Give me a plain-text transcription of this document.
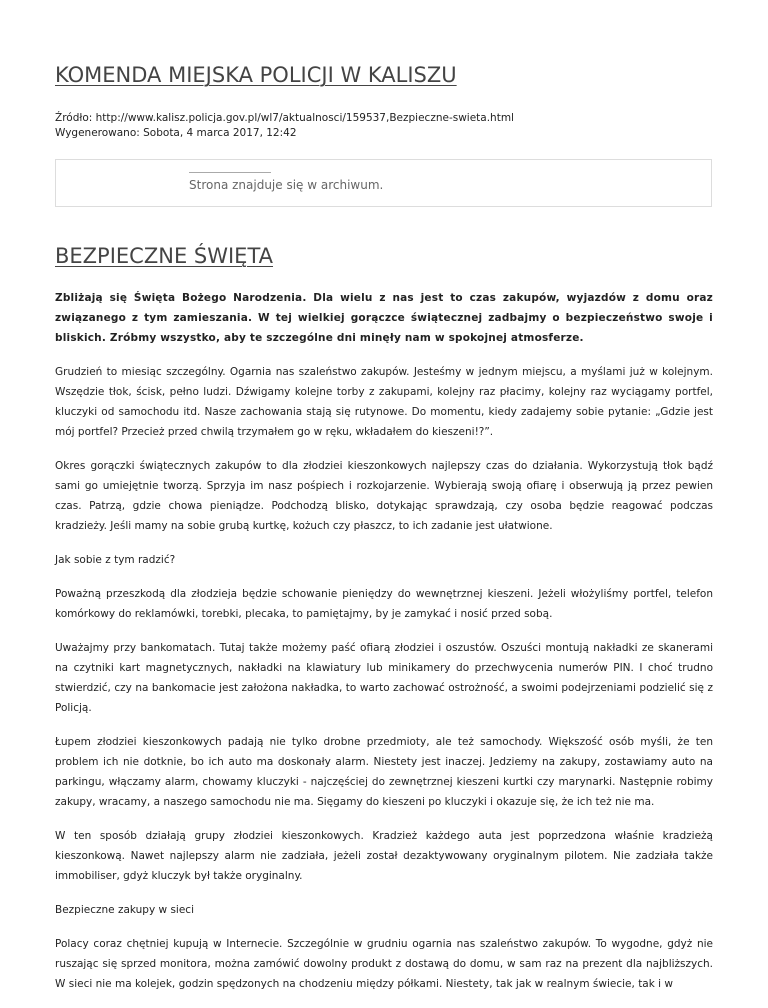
KOMENDA MIEJSKA POLICJI W KALISZU
Źródło: http://www.kalisz.policja.gov.pl/wl7/aktualnosci/159537,Bezpieczne-swieta.html
Wygenerowano: Sobota, 4 marca 2017, 12:42
Strona znajduje się w archiwum.
BEZPIECZNE ŚWIĘTA

Zbliżają się Święta Bożego Narodzenia. Dla wielu z nas jest to czas zakupów, wyjazdów z domu oraz związanego z tym zamieszania. W tej wielkiej gorączce świątecznej zadbajmy o bezpieczeństwo swoje i bliskich. Zróbmy wszystko, aby te szczególne dni minęły nam w spokojnej atmosferze.

Grudzień to miesiąc szczególny. Ogarnia nas szaleństwo zakupów. Jesteśmy w jednym miejscu, a myślami już w kolejnym. Wszędzie tłok, ścisk, pełno ludzi. Dźwigamy kolejne torby z zakupami, kolejny raz płacimy, kolejny raz wyciągamy portfel, kluczyki od samochodu itd. Nasze zachowania stają się rutynowe. Do momentu, kiedy zadajemy sobie pytanie: „Gdzie jest mój portfel? Przecież przed chwilą trzymałem go w ręku, wkładałem do kieszeni!?”.

Okres gorączki świątecznych zakupów to dla złodziei kieszonkowych najlepszy czas do działania. Wykorzystują tłok bądź sami go umiejętnie tworzą. Sprzyja im nasz pośpiech i rozkojarzenie. Wybierają swoją ofiarę i obserwują ją przez pewien czas. Patrzą, gdzie chowa pieniądze. Podchodzą blisko, dotykając sprawdzają, czy osoba będzie reagować podczas kradzieży. Jeśli mamy na sobie grubą kurtkę, kożuch czy płaszcz, to ich zadanie jest ułatwione.

Jak sobie z tym radzić?

Poważną przeszkodą dla złodzieja będzie schowanie pieniędzy do wewnętrznej kieszeni. Jeżeli włożyliśmy portfel, telefon komórkowy do reklamówki, torebki, plecaka, to pamiętajmy, by je zamykać i nosić przed sobą.

Uważajmy przy bankomatach. Tutaj także możemy paść ofiarą złodziei i oszustów. Oszuści montują nakładki ze skanerami na czytniki kart magnetycznych, nakładki na klawiatury lub minikamery do przechwycenia numerów PIN. I choć trudno stwierdzić, czy na bankomacie jest założona nakładka, to warto zachować ostrożność, a swoimi podejrzeniami podzielić się z Policją.

Łupem złodziei kieszonkowych padają nie tylko drobne przedmioty, ale też samochody. Większość osób myśli, że ten problem ich nie dotknie, bo ich auto ma doskonały alarm. Niestety jest inaczej. Jedziemy na zakupy, zostawiamy auto na parkingu, włączamy alarm, chowamy kluczyki - najczęściej do zewnętrznej kieszeni kurtki czy marynarki. Następnie robimy zakupy, wracamy, a naszego samochodu nie ma. Sięgamy do kieszeni po kluczyki i okazuje się, że ich też nie ma.

W ten sposób działają grupy złodziei kieszonkowych. Kradzież każdego auta jest poprzedzona właśnie kradzieżą kieszonkową. Nawet najlepszy alarm nie zadziała, jeżeli został dezaktywowany oryginalnym pilotem. Nie zadziała także immobiliser, gdyż kluczyk był także oryginalny.

Bezpieczne zakupy w sieci

Polacy coraz chętniej kupują w Internecie. Szczególnie w grudniu ogarnia nas szaleństwo zakupów. To wygodne, gdyż nie ruszając się sprzed monitora, można zamówić dowolny produkt z dostawą do domu, w sam raz na prezent dla najbliższych. W sieci nie ma kolejek, godzin spędzonych na chodzeniu między półkami. Niestety, tak jak w realnym świecie, tak i w
